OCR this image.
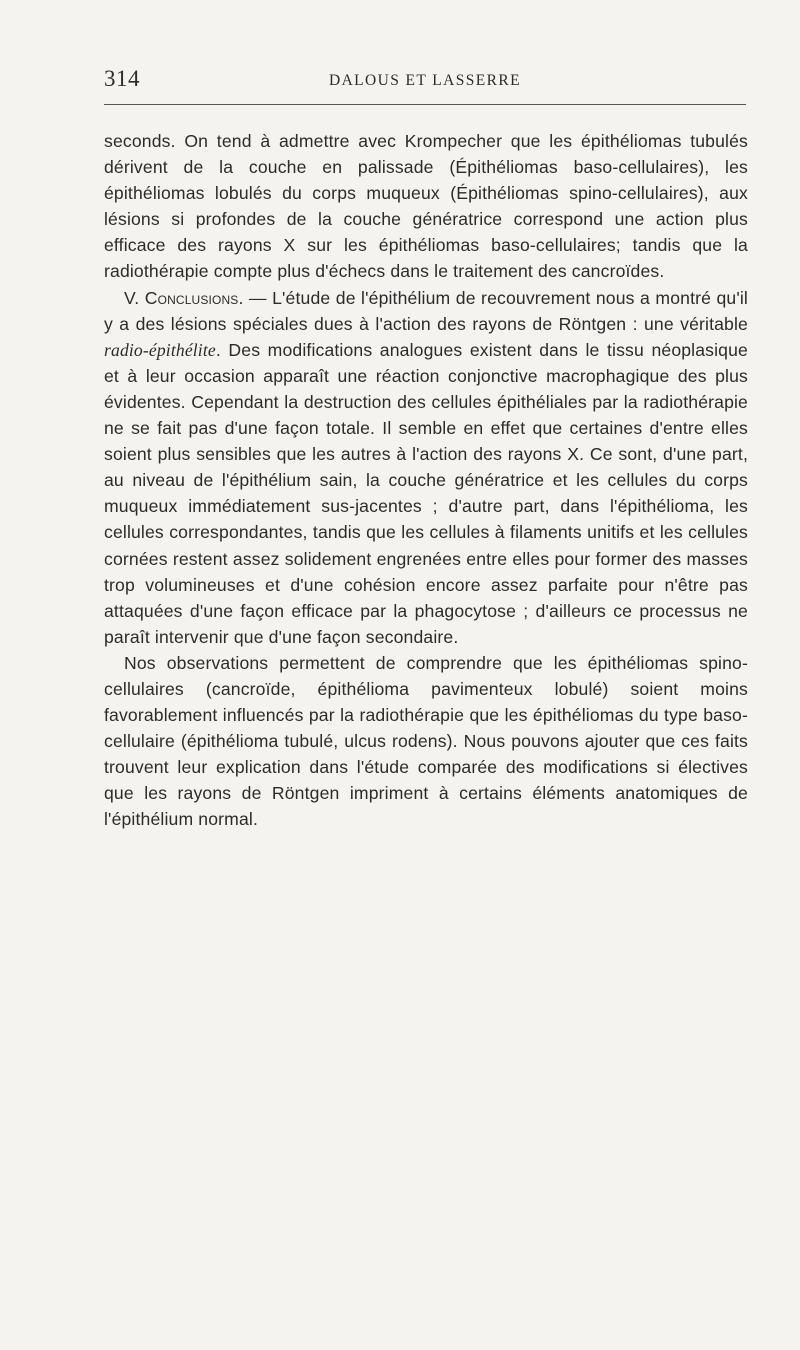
314	DALOUS ET LASSERRE

seconds. On tend à admettre avec Krompecher que les épithéliomas tubulés dérivent de la couche en palissade (Épithéliomas baso-cellulaires), les épithéliomas lobulés du corps muqueux (Épithéliomas spino-cellulaires), aux lésions si profondes de la couche génératrice correspond une action plus efficace des rayons X sur les épithéliomas baso-cellulaires; tandis que la radiothérapie compte plus d'échecs dans le traitement des cancroïdes.

V. Conclusions. — L'étude de l'épithélium de recouvrement nous a montré qu'il y a des lésions spéciales dues à l'action des rayons de Röntgen : une véritable radio-épithélite. Des modifications analogues existent dans le tissu néoplasique et à leur occasion apparaît une réaction conjonctive macrophagique des plus évidentes. Cependant la destruction des cellules épithéliales par la radiothérapie ne se fait pas d'une façon totale. Il semble en effet que certaines d'entre elles soient plus sensibles que les autres à l'action des rayons X. Ce sont, d'une part, au niveau de l'épithélium sain, la couche génératrice et les cellules du corps muqueux immédiatement sus-jacentes ; d'autre part, dans l'épithélioma, les cellules correspondantes, tandis que les cellules à filaments unitifs et les cellules cornées restent assez solidement engrenées entre elles pour former des masses trop volumineuses et d'une cohésion encore assez parfaite pour n'être pas attaquées d'une façon efficace par la phagocytose ; d'ailleurs ce processus ne paraît intervenir que d'une façon secondaire.

Nos observations permettent de comprendre que les épithéliomas spino-cellulaires (cancroïde, épithélioma pavimenteux lobulé) soient moins favorablement influencés par la radiothérapie que les épithéliomas du type baso-cellulaire (épithélioma tubulé, ulcus rodens). Nous pouvons ajouter que ces faits trouvent leur explication dans l'étude comparée des modifications si électives que les rayons de Röntgen impriment à certains éléments anatomiques de l'épithélium normal.
